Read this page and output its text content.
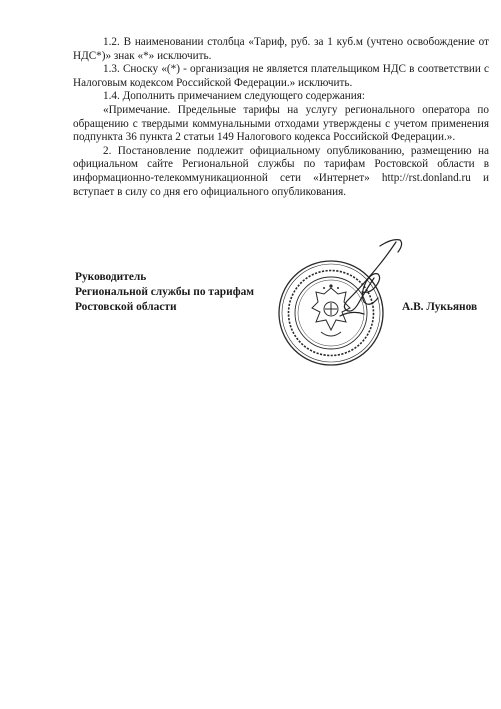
1.2. В наименовании столбца «Тариф, руб. за 1 куб.м (учтено освобождение от НДС*)» знак «*» исключить.

1.3. Сноску «(*) - организация не является плательщиком НДС в соответствии с Налоговым кодексом Российской Федерации.» исключить.

1.4. Дополнить примечанием следующего содержания:

«Примечание. Предельные тарифы на услугу регионального оператора по обращению с твердыми коммунальными отходами утверждены с учетом применения подпункта 36 пункта 2 статьи 149 Налогового кодекса Российской Федерации.».

2. Постановление подлежит официальному опубликованию, размещению на официальном сайте Региональной службы по тарифам Ростовской области в информационно-телекоммуникационной сети «Интернет» http://rst.donland.ru и вступает в силу со дня его официального опубликования.

Руководитель
Региональной службы по тарифам
Ростовской области	А.В. Лукьянов
